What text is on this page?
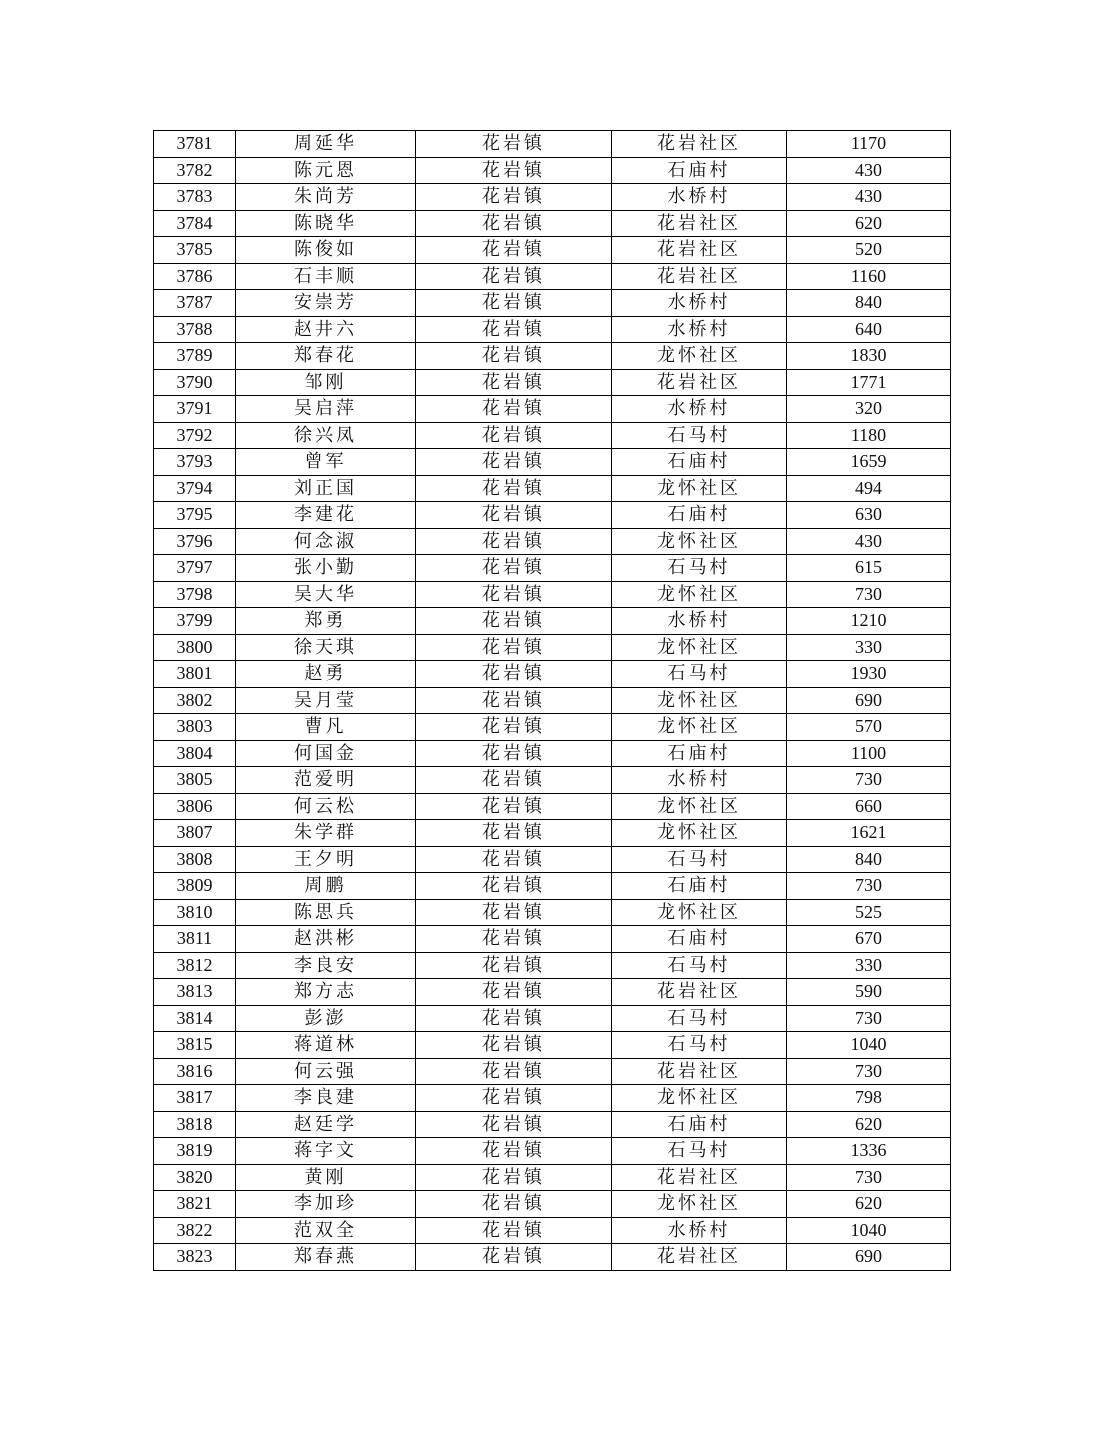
3781	周延华	花岩镇	花岩社区	1170
3782	陈元恩	花岩镇	石庙村	430
3783	朱尚芳	花岩镇	水桥村	430
3784	陈晓华	花岩镇	花岩社区	620
3785	陈俊如	花岩镇	花岩社区	520
3786	石丰顺	花岩镇	花岩社区	1160
3787	安崇芳	花岩镇	水桥村	840
3788	赵井六	花岩镇	水桥村	640
3789	郑春花	花岩镇	龙怀社区	1830
3790	邹刚	花岩镇	花岩社区	1771
3791	吴启萍	花岩镇	水桥村	320
3792	徐兴凤	花岩镇	石马村	1180
3793	曾军	花岩镇	石庙村	1659
3794	刘正国	花岩镇	龙怀社区	494
3795	李建花	花岩镇	石庙村	630
3796	何念淑	花岩镇	龙怀社区	430
3797	张小勤	花岩镇	石马村	615
3798	吴大华	花岩镇	龙怀社区	730
3799	郑勇	花岩镇	水桥村	1210
3800	徐天琪	花岩镇	龙怀社区	330
3801	赵勇	花岩镇	石马村	1930
3802	吴月莹	花岩镇	龙怀社区	690
3803	曹凡	花岩镇	龙怀社区	570
3804	何国金	花岩镇	石庙村	1100
3805	范爱明	花岩镇	水桥村	730
3806	何云松	花岩镇	龙怀社区	660
3807	朱学群	花岩镇	龙怀社区	1621
3808	王夕明	花岩镇	石马村	840
3809	周鹏	花岩镇	石庙村	730
3810	陈思兵	花岩镇	龙怀社区	525
3811	赵洪彬	花岩镇	石庙村	670
3812	李良安	花岩镇	石马村	330
3813	郑方志	花岩镇	花岩社区	590
3814	彭澎	花岩镇	石马村	730
3815	蒋道林	花岩镇	石马村	1040
3816	何云强	花岩镇	花岩社区	730
3817	李良建	花岩镇	龙怀社区	798
3818	赵廷学	花岩镇	石庙村	620
3819	蒋字文	花岩镇	石马村	1336
3820	黄刚	花岩镇	花岩社区	730
3821	李加珍	花岩镇	龙怀社区	620
3822	范双全	花岩镇	水桥村	1040
3823	郑春燕	花岩镇	花岩社区	690
